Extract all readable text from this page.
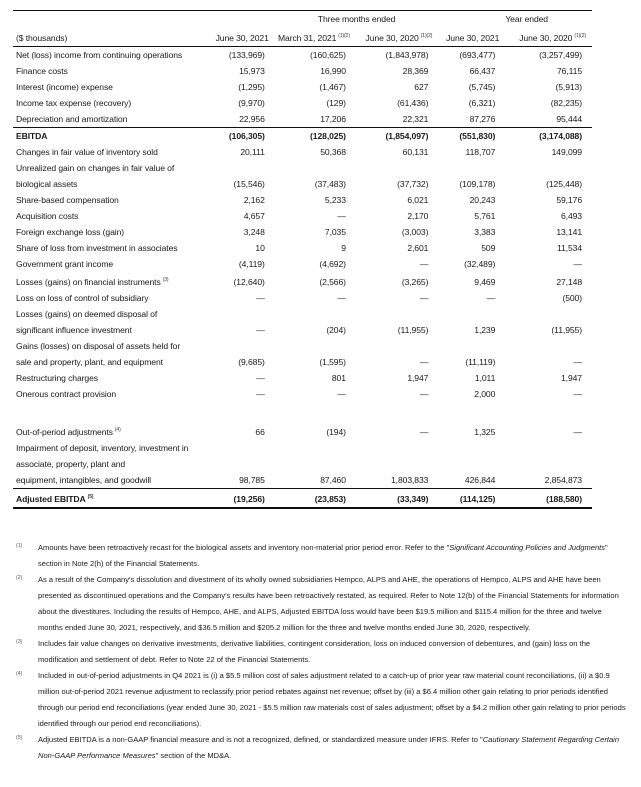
		Three months ended			Year ended
($ thousands)	June 30, 2021	March 31, 2021 $^{(1)(2)}$	June 30, 2020 $^{(1)(2)}$	June 30, 2021	June 30, 2020 $^{(1)(2)}$
Net (loss) income from continuing operations	(133,969)	(160,625)	(1,843,978)	(693,477)	(3,257,499)
Finance costs	15,973	16,990	28,369	66,437	76,115
Interest (income) expense	(1,295)	(1,467)	627	(5,745)	(5,913)
Income tax expense (recovery)	(9,970)	(129)	(61,436)	(6,321)	(82,235)
Depreciation and amortization	22,956	17,206	22,321	87,276	95,444
EBITDA	(106,305)	(128,025)	(1,854,097)	(551,830)	(3,174,088)
Changes in fair value of inventory sold	20,111	50,368	60,131	118,707	149,099
Unrealized gain on changes in fair value of					
biological assets	(15,546)	(37,483)	(37,732)	(109,178)	(125,448)
Share-based compensation	2,162	5,233	6,021	20,243	59,176
Acquisition costs	4,657	—	2,170	5,761	6,493
Foreign exchange loss (gain)	3,248	7,035	(3,003)	3,383	13,141
Share of loss from investment in associates	10	9	2,601	509	11,534
Government grant income	(4,119)	(4,692)	—	(32,489)	—
Losses (gains) on financial instruments $^{(3)}$	(12,640)	(2,566)	(3,265)	9,469	27,148
Loss on loss of control of subsidiary	—	—	—	—	(500)
Losses (gains) on deemed disposal of					
significant influence investment	—	(204)	(11,955)	1,239	(11,955)
Gains (losses) on disposal of assets held for					
sale and property, plant, and equipment	(9,685)	(1,595)	—	(11,119)	—
Restructuring charges	—	801	1,947	1,011	1,947
Onerous contract provision	—	—	—	2,000	—

Out-of-period adjustments $^{(4)}$	66	(194)	—	1,325	—
Impairment of deposit, inventory, investment in					
associate, property, plant and					
equipment, intangibles, and goodwill	98,785	87,460	1,803,833	426,844	2,854,873
Adjusted EBITDA $^{(5)}$	(19,256)	(23,853)	(33,349)	(114,125)	(188,580)
(1)	Amounts have been retroactively recast for the biological assets and inventory non-material prior period error. Refer to the "Significant Accounting Policies and Judgments" section in Note 2(h) of the Financial Statements.
(2)	As a result of the Company's dissolution and divestment of its wholly owned subsidiaries Hempco, ALPS and AHE, the operations of Hempco, ALPS and AHE have been presented as discontinued operations and the Company's results have been retroactively restated, as required. Refer to Note 12(b) of the Financial Statements for information about the divestitures. Including the results of Hempco, AHE, and ALPS, Adjusted EBITDA loss would have been $19.5 million and $115.4 million for the three and twelve months ended June 30, 2021, respectively, and $36.5 million and $205.2 million for the three and twelve months ended June 30, 2020, respectively.
(3)	Includes fair value changes on derivative investments, derivative liabilities, contingent consideration, loss on induced conversion of debentures, and (gain) loss on the modification and settlement of debt. Refer to Note 22 of the Financial Statements.
(4)	Included in out-of-period adjustments in Q4 2021 is (i) a $5.5 million cost of sales adjustment related to a catch-up of prior year raw material count reconciliations, (ii) a $0.9 million out-of-period 2021 revenue adjustment to reclassify prior period rebates against net revenue; offset by (iii) a $6.4 million other gain relating to prior periods identified through our period end reconciliations (year ended June 30, 2021 - $5.5 million raw materials cost of sales adjustment; offset by a $4.2 million other gain relating to prior periods identified through our period end reconciliations).
(5)	Adjusted EBITDA is a non-GAAP financial measure and is not a recognized, defined, or standardized measure under IFRS. Refer to "Cautionary Statement Regarding Certain Non-GAAP Performance Measures" section of the MD&A.
